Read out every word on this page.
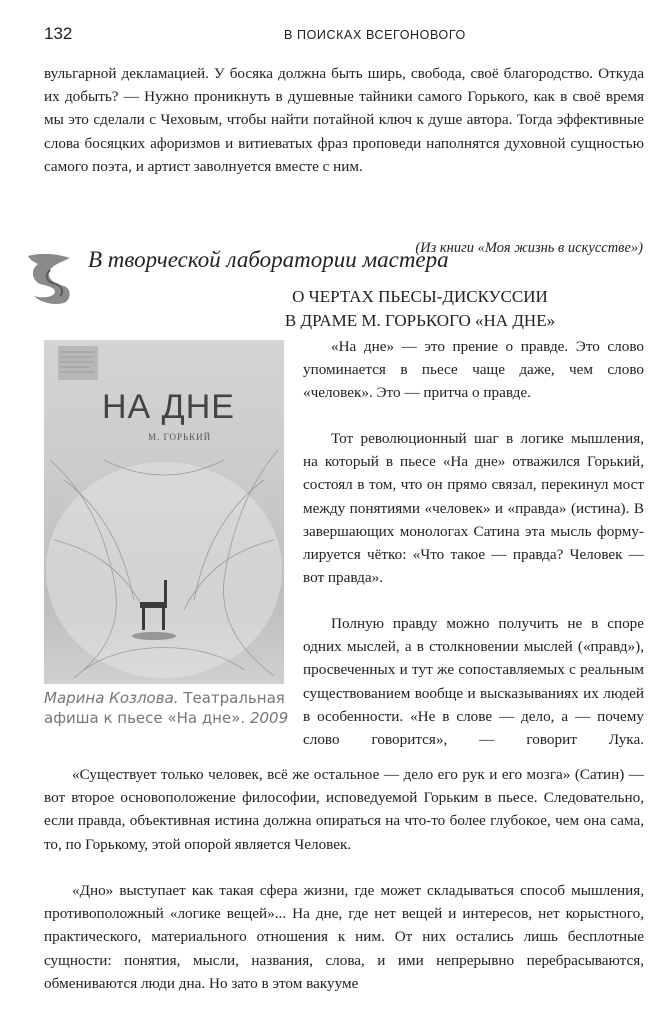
132	В ПОИСКАХ ВСЕГОНОВОГО

вульгарной декламацией. У босяка должна быть ширь, свобода, своё благородство. Откуда их добыть? — Нужно проникнуть в душевные тайники самого Горького, как в своё время мы это сделали с Чеховым, чтобы найти потайной ключ к душе автора. Тогда эффективные слова босяцких афоризмов и витиеватых фраз проповеди наполнятся духовной сущностью самого поэта, и артист заволнуется вместе с ним.

(Из книги «Моя жизнь в искусстве»)
В творческой лаборатории мастера
О ЧЕРТАХ ПЬЕСЫ-ДИСКУССИИ
В ДРАМЕ М. ГОРЬКОГО «НА ДНЕ»
НА ДНЕ
М. ГОРЬКИЙ
Марина Козлова. Театральная афиша к пьесе «На дне». 2009

«На дне» — это прение о правде. Это слово упоминается в пьесе чаще даже, чем слово «человек». Это — притча о правде.

Тот революционный шаг в логике мышления, на который в пьесе «На дне» отважился Горький, состоял в том, что он прямо связал, перекинул мост между понятиями «человек» и «правда» (истина). В завершающих монологах Сатина эта мысль формулируется чётко: «Что такое — правда? Человек — вот правда».

Полную правду можно получить не в споре одних мыслей, а в столкновении мыслей («правд»), просвеченных и тут же сопоставляемых с реальным существованием вообще и высказываниях их людей в особенности. «Не в слове — дело, а — почему слово говорится», — говорит Лука.

«Существует только человек, всё же остальное — дело его рук и его мозга» (Сатин) — вот второе основоположение философии, исповедуемой Горьким в пьесе. Следовательно, если правда, объективная истина должна опираться на что-то более глубокое, чем она сама, то, по Горькому, этой опорой является Человек.

«Дно» выступает как такая сфера жизни, где может складываться способ мышления, противоположный «логике вещей»... На дне, где нет вещей и интересов, нет корыстного, практического, материального отношения к ним. От них остались лишь бесплотные сущности: понятия, мысли, названия, слова, и ими непрерывно перебрасываются, обмениваются люди дна. Но зато в этом вакууме
